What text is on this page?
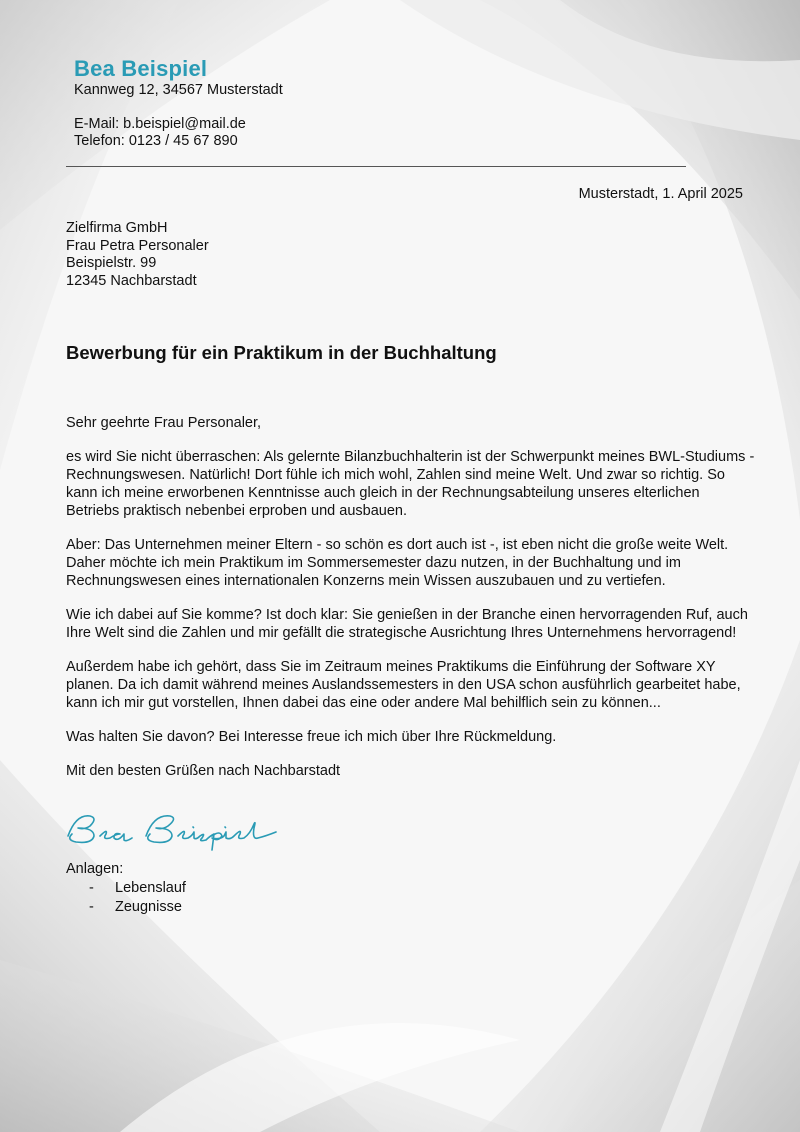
Bea Beispiel
Kannweg 12, 34567 Musterstadt
E-Mail: b.beispiel@mail.de
Telefon: 0123 / 45 67 890
Musterstadt, 1. April 2025
Zielfirma GmbH
Frau Petra Personaler
Beispielstr. 99
12345 Nachbarstadt
Bewerbung für ein Praktikum in der Buchhaltung

Sehr geehrte Frau Personaler,

es wird Sie nicht überraschen: Als gelernte Bilanzbuchhalterin ist der Schwerpunkt meines BWL-Studiums - Rechnungswesen. Natürlich! Dort fühle ich mich wohl, Zahlen sind meine Welt. Und zwar so richtig. So kann ich meine erworbenen Kenntnisse auch gleich in der Rechnungsabteilung unseres elterlichen Betriebs praktisch nebenbei erproben und ausbauen.

Aber: Das Unternehmen meiner Eltern - so schön es dort auch ist -, ist eben nicht die große weite Welt. Daher möchte ich mein Praktikum im Sommersemester dazu nutzen, in der Buchhaltung und im Rechnungswesen eines internationalen Konzerns mein Wissen auszubauen und zu vertiefen.

Wie ich dabei auf Sie komme? Ist doch klar: Sie genießen in der Branche einen hervorragenden Ruf, auch Ihre Welt sind die Zahlen und mir gefällt die strategische Ausrichtung Ihres Unternehmens hervorragend!

Außerdem habe ich gehört, dass Sie im Zeitraum meines Praktikums die Einführung der Software XY planen. Da ich damit während meines Auslandssemesters in den USA schon ausführlich gearbeitet habe, kann ich mir gut vorstellen, Ihnen dabei das eine oder andere Mal behilflich sein zu können...

Was halten Sie davon? Bei Interesse freue ich mich über Ihre Rückmeldung.

Mit den besten Grüßen nach Nachbarstadt

Anlagen:
-	Lebenslauf
-	Zeugnisse
